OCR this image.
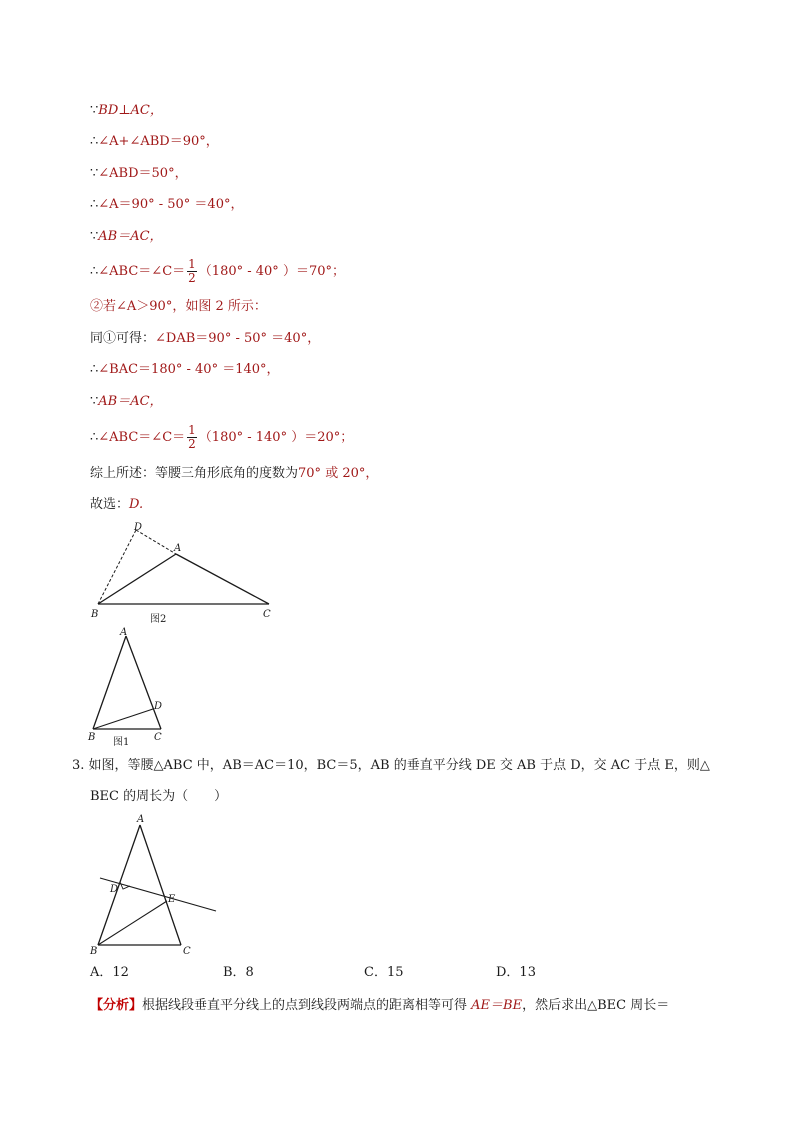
∵BD⊥AC，
∴∠A+∠ABD＝90°，
∵∠ABD＝50°，
∴∠A＝90° - 50° ＝40°，
∵AB＝AC，
∴∠ABC＝∠C＝ $\frac{1}{2} (180^\circ - 40^\circ$ ）＝70°；
②若∠A＞90°，如图 2 所示：
同①可得：∠DAB＝90° - 50° ＝40°，
∴∠BAC＝180° - 40° ＝140°，
∵AB＝AC，
∴∠ABC＝∠C＝ $\frac{1}{2} (180^\circ - 140^\circ$ ）＝20°；
综上所述：等腰三角形底角的度数为70° 或 20°，
故选：D.
D
A
B	C
图2
A
D
B	C
图1
3. 如图，等腰△ABC 中，AB＝AC＝10，BC＝5，AB 的垂直平分线 DE 交 AB 于点 D，交 AC 于点 E，则△
BEC 的周长为（　　）
A
D
E
B	C
A．12	B．8	C．15	D．13
【分析】根据线段垂直平分线上的点到线段两端点的距离相等可得 AE＝BE，然后求出△BEC 周长＝
